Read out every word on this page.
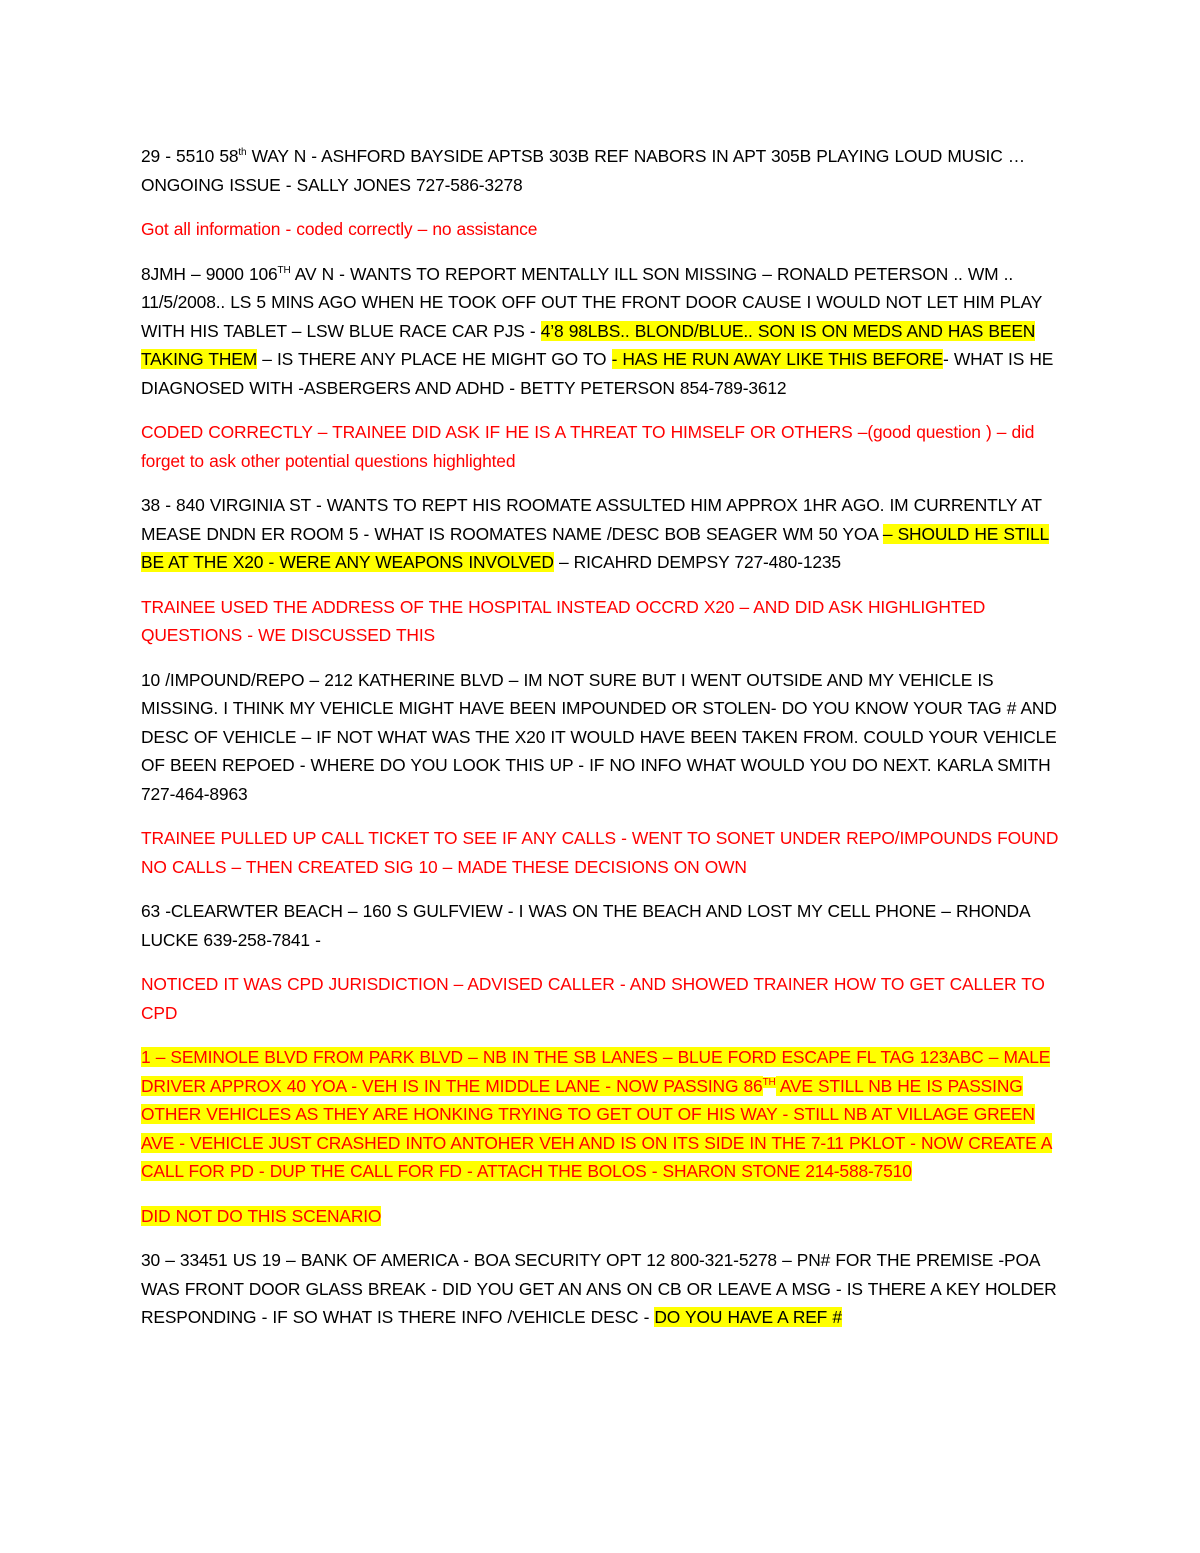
29 - 5510 58th WAY N - ASHFORD BAYSIDE APTSB 303B REF NABORS IN APT 305B PLAYING LOUD MUSIC … ONGOING ISSUE - SALLY JONES 727-586-3278

Got all information - coded correctly – no assistance

8JMH – 9000 106TH AV N - WANTS TO REPORT MENTALLY ILL SON MISSING – RONALD PETERSON .. WM .. 11/5/2008.. LS 5 MINS AGO WHEN HE TOOK OFF OUT THE FRONT DOOR CAUSE I WOULD NOT LET HIM PLAY WITH HIS TABLET – LSW BLUE RACE CAR PJS - 4’8 98LBS.. BLOND/BLUE.. SON IS ON MEDS AND HAS BEEN TAKING THEM – IS THERE ANY PLACE HE MIGHT GO TO - HAS HE RUN AWAY LIKE THIS BEFORE- WHAT IS HE DIAGNOSED WITH -ASBERGERS AND ADHD - BETTY PETERSON 854-789-3612

CODED CORRECTLY – TRAINEE DID ASK IF HE IS A THREAT TO HIMSELF OR OTHERS –(good question ) – did forget to ask other potential questions highlighted

38 - 840 VIRGINIA ST - WANTS TO REPT HIS ROOMATE ASSULTED HIM APPROX 1HR AGO. IM CURRENTLY AT MEASE DNDN ER ROOM 5 - WHAT IS ROOMATES NAME /DESC BOB SEAGER WM 50 YOA – SHOULD HE STILL BE AT THE X20 - WERE ANY WEAPONS INVOLVED – RICAHRD DEMPSY 727-480-1235

TRAINEE USED THE ADDRESS OF THE HOSPITAL INSTEAD OCCRD X20 – AND DID ASK HIGHLIGHTED QUESTIONS - WE DISCUSSED THIS

10 /IMPOUND/REPO – 212 KATHERINE BLVD – IM NOT SURE BUT I WENT OUTSIDE AND MY VEHICLE IS MISSING. I THINK MY VEHICLE MIGHT HAVE BEEN IMPOUNDED OR STOLEN- DO YOU KNOW YOUR TAG # AND DESC OF VEHICLE – IF NOT WHAT WAS THE X20 IT WOULD HAVE BEEN TAKEN FROM. COULD YOUR VEHICLE OF BEEN REPOED - WHERE DO YOU LOOK THIS UP - IF NO INFO WHAT WOULD YOU DO NEXT. KARLA SMITH 727-464-8963

TRAINEE PULLED UP CALL TICKET TO SEE IF ANY CALLS - WENT TO SONET UNDER REPO/IMPOUNDS FOUND NO CALLS – THEN CREATED SIG 10 – MADE THESE DECISIONS ON OWN

63 -CLEARWTER BEACH – 160 S GULFVIEW - I WAS ON THE BEACH AND LOST MY CELL PHONE – RHONDA LUCKE 639-258-7841 -

NOTICED IT WAS CPD JURISDICTION – ADVISED CALLER - AND SHOWED TRAINER HOW TO GET CALLER TO CPD

1 – SEMINOLE BLVD FROM PARK BLVD – NB IN THE SB LANES – BLUE FORD ESCAPE FL TAG 123ABC – MALE DRIVER APPROX 40 YOA - VEH IS IN THE MIDDLE LANE - NOW PASSING 86TH AVE STILL NB HE IS PASSING OTHER VEHICLES AS THEY ARE HONKING TRYING TO GET OUT OF HIS WAY - STILL NB AT VILLAGE GREEN AVE - VEHICLE JUST CRASHED INTO ANTOHER VEH AND IS ON ITS SIDE IN THE 7-11 PKLOT - NOW CREATE A CALL FOR PD - DUP THE CALL FOR FD - ATTACH THE BOLOS - SHARON STONE 214-588-7510

DID NOT DO THIS SCENARIO

30 – 33451 US 19 – BANK OF AMERICA - BOA SECURITY OPT 12 800-321-5278 – PN# FOR THE PREMISE -POA WAS FRONT DOOR GLASS BREAK - DID YOU GET AN ANS ON CB OR LEAVE A MSG - IS THERE A KEY HOLDER RESPONDING - IF SO WHAT IS THERE INFO /VEHICLE DESC - DO YOU HAVE A REF #
